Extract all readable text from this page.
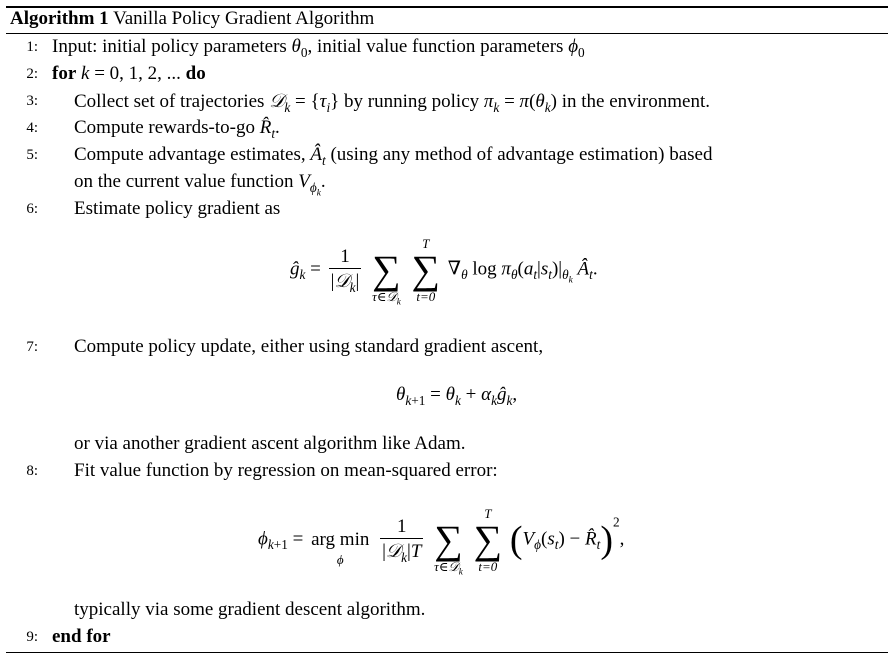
Algorithm 1 Vanilla Policy Gradient Algorithm
1: Input: initial policy parameters $\theta_0$, initial value function parameters $\phi_0$
2: for k = 0, 1, 2, ... do
3: Collect set of trajectories 𝒟$_k$ = $\{\tau_i\}$ by running policy $\pi_k = \pi(\theta_k)$ in the environment.
4: Compute rewards-to-go $R̂_t$.
5: Compute advantage estimates, $Â_t$ (using any method of advantage estimation) based
on the current value function $V_{\phi_k}$.
6: Estimate policy gradient as
$ĝ_k = \frac{1}{|𝒟_k|}$

∑
τ∈𝒟$_k$

T
∑
t=0
$\nabla_\theta$ $\log \pi_\theta(a_t|s_t)|_{\theta_k}$ $Â_t$.
7: Compute policy update, either using standard gradient ascent,
$\theta_{k+1} = \theta_k$ + $\alpha_kĝ_k$,
or via another gradient ascent algorithm like Adam.
8: Fit value function by regression on mean-squared error:
$\phi_{k+1}$ =
arg min
ϕ
	$\frac{1}{|𝒟_k|T}$

∑
τ∈𝒟$_k$

T
∑
t=0
($V_\phi(s_t)$ − $R̂_t)^2$,
typically via some gradient descent algorithm.
9: end for
